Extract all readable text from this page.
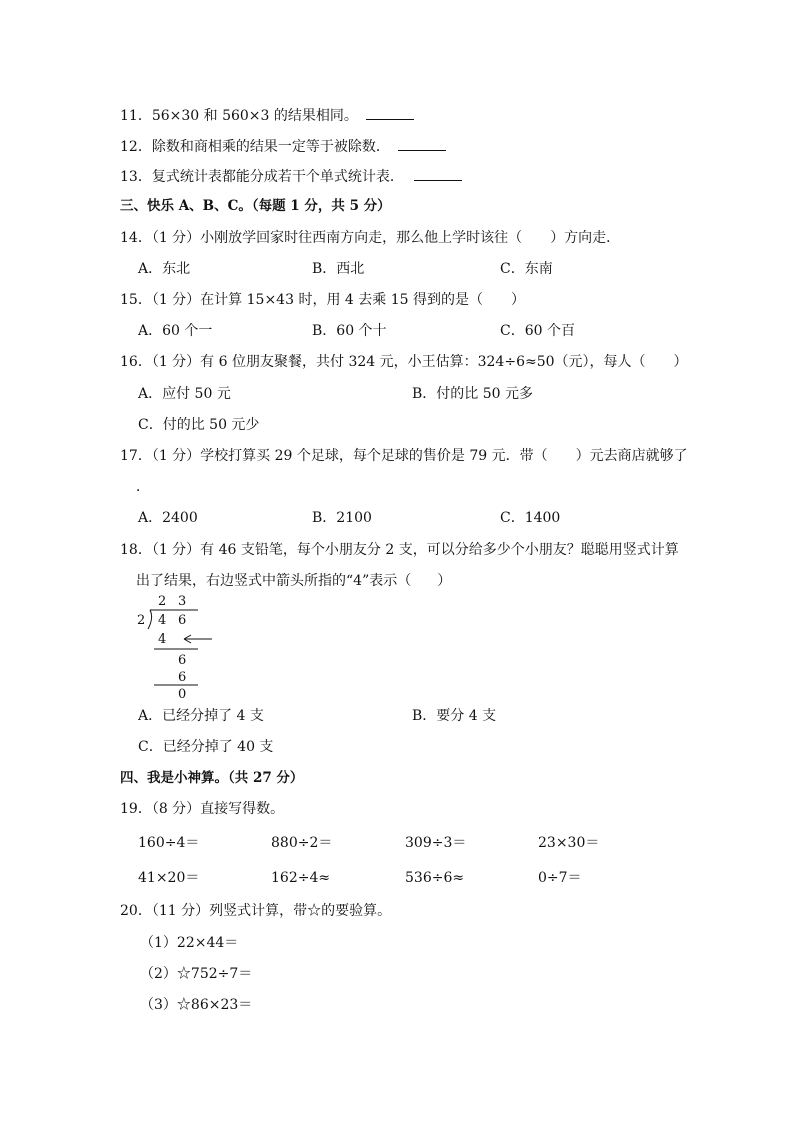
11．56×30 和 560×3 的结果相同。
12．除数和商相乘的结果一定等于被除数．
13．复式统计表都能分成若干个单式统计表．
三、快乐 A、B、C。（每题 1 分，共 5 分）
14．（1 分）小刚放学回家时往西南方向走，那么他上学时该往（ ）方向走．
A．东北	B．西北	C．东南
15．（1 分）在计算 15×43 时，用 4 去乘 15 得到的是（ ）
A．60 个一	B．60 个十	C．60 个百
16．（1 分）有 6 位朋友聚餐，共付 324 元，小王估算：324÷6≈50（元），每人（ ）
A．应付 50 元	B．付的比 50 元多
C．付的比 50 元少
17．（1 分）学校打算买 29 个足球，每个足球的售价是 79 元．带（ ）元去商店就够了
．
A．2400	B．2100	C．1400
18．（1 分）有 46 支铅笔，每个小朋友分 2 支，可以分给多少个小朋友？聪聪用竖式计算
出了结果，右边竖式中箭头所指的“4”表示（ ）
2 3
2 4 6
4
6
6
0
A．已经分掉了 4 支	B．要分 4 支
C．已经分掉了 40 支
四、我是小神算。（共 27 分）
19．（8 分）直接写得数。
160÷4＝	880÷2＝	309÷3＝	23×30＝
41×20＝	162÷4≈	536÷6≈	0÷7＝
20．（11 分）列竖式计算，带☆的要验算。
（1）22×44＝
（2）☆752÷7＝
（3）☆86×23＝
